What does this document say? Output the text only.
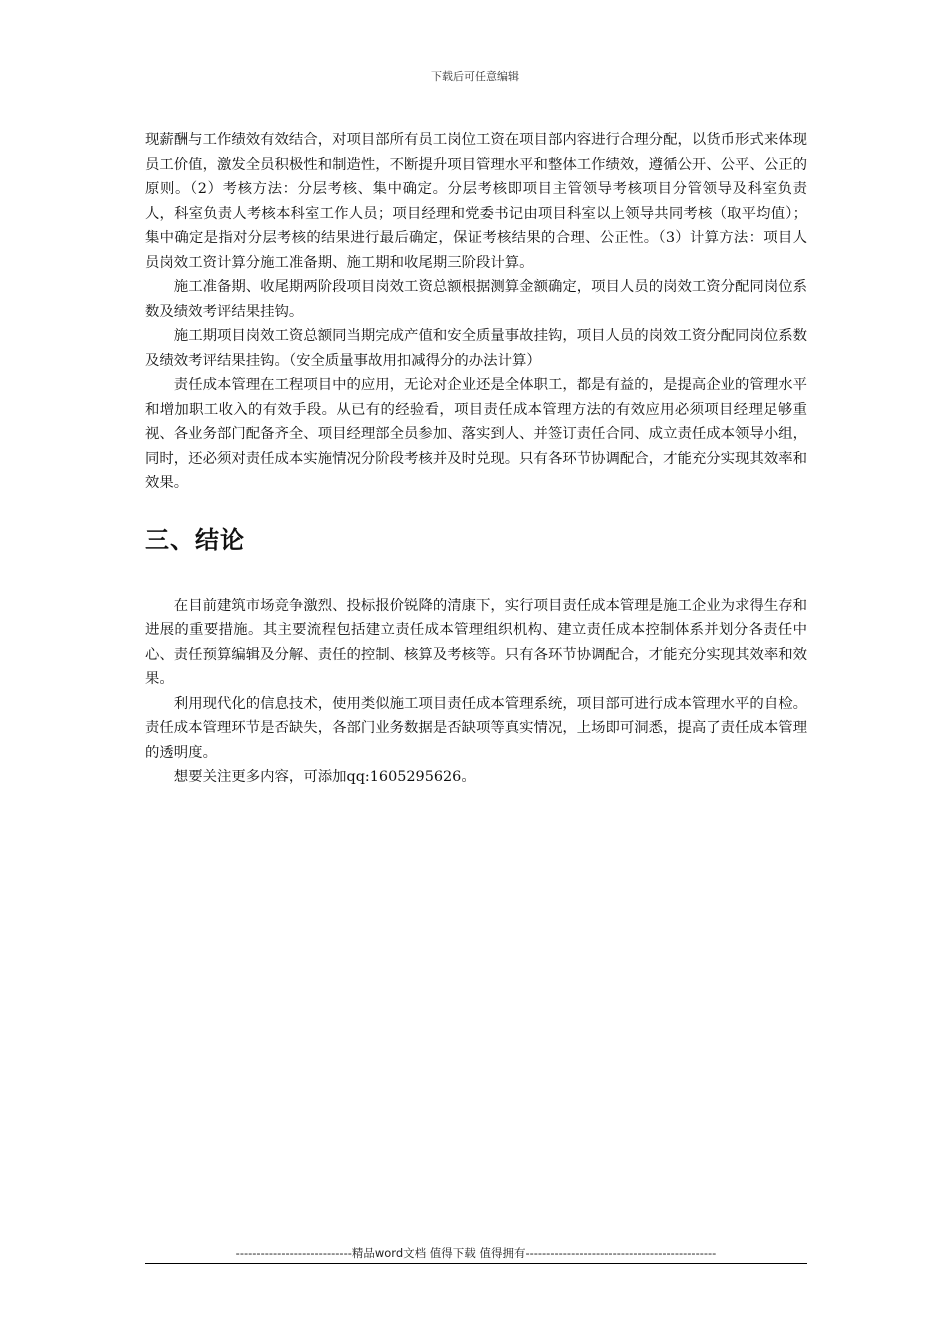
下载后可任意编辑

现薪酬与工作绩效有效结合，对项目部所有员工岗位工资在项目部内容进行合理分配，以货币形式来体现员工价值，激发全员积极性和制造性，不断提升项目管理水平和整体工作绩效，遵循公开、公平、公正的原则。（2）考核方法：分层考核、集中确定。分层考核即项目主管领导考核项目分管领导及科室负责人，科室负责人考核本科室工作人员；项目经理和党委书记由项目科室以上领导共同考核（取平均值）；集中确定是指对分层考核的结果进行最后确定，保证考核结果的合理、公正性。（3）计算方法：项目人员岗效工资计算分施工准备期、施工期和收尾期三阶段计算。

施工准备期、收尾期两阶段项目岗效工资总额根据测算金额确定，项目人员的岗效工资分配同岗位系数及绩效考评结果挂钩。

施工期项目岗效工资总额同当期完成产值和安全质量事故挂钩，项目人员的岗效工资分配同岗位系数及绩效考评结果挂钩。（安全质量事故用扣减得分的办法计算）

责任成本管理在工程项目中的应用，无论对企业还是全体职工，都是有益的，是提高企业的管理水平和增加职工收入的有效手段。从已有的经验看，项目责任成本管理方法的有效应用必须项目经理足够重视、各业务部门配备齐全、项目经理部全员参加、落实到人、并签订责任合同、成立责任成本领导小组，同时，还必须对责任成本实施情况分阶段考核并及时兑现。只有各环节协调配合，才能充分实现其效率和效果。

三、结论

在目前建筑市场竞争激烈、投标报价锐降的清康下，实行项目责任成本管理是施工企业为求得生存和进展的重要措施。其主要流程包括建立责任成本管理组织机构、建立责任成本控制体系并划分各责任中心、责任预算编辑及分解、责任的控制、核算及考核等。只有各环节协调配合，才能充分实现其效率和效果。

利用现代化的信息技术，使用类似施工项目责任成本管理系统，项目部可进行成本管理水平的自检。责任成本管理环节是否缺失，各部门业务数据是否缺项等真实情况，上场即可洞悉，提高了责任成本管理的透明度。

想要关注更多内容，可添加qq:1605295626。

----------------------------精品word文档 值得下载 值得拥有----------------------------------------------
